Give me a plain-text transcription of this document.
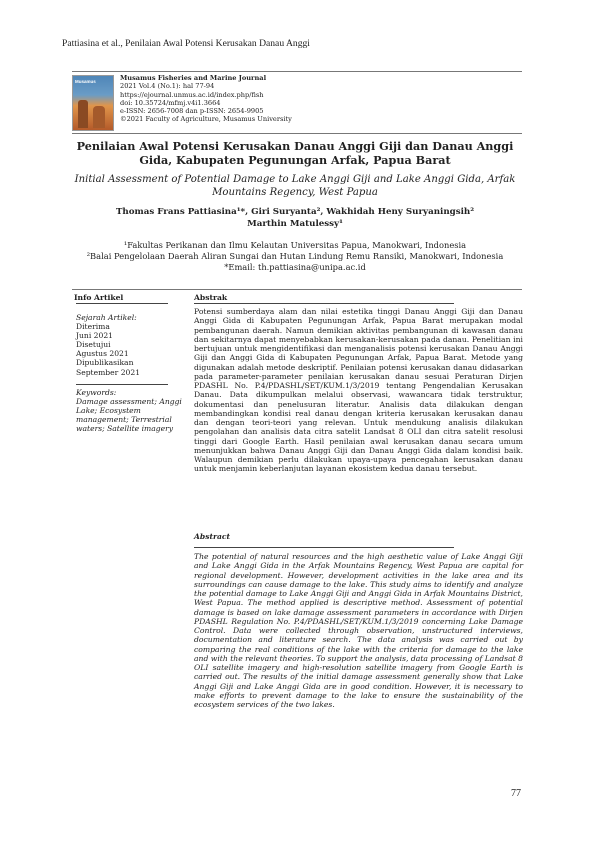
Pattiasina et al., Penilaian Awal Potensi Kerusakan Danau Anggi
Musamus	Musamus Fisheries and Marine Journal
2021 Vol.4 (No.1): hal 77-94
https://ejournal.unmus.ac.id/index.php/fish
doi: 10.35724/mfmj.v4i1.3664
e-ISSN: 2656-7008 dan p-ISSN: 2654-9905
©2021 Faculty of Agriculture, Musamus University
Penilaian Awal Potensi Kerusakan Danau Anggi Giji dan Danau Anggi Gida, Kabupaten Pegunungan Arfak, Papua Barat
Initial Assessment of Potential Damage to Lake Anggi Giji and Lake Anggi Gida, Arfak Mountains Regency, West Papua
Thomas Frans Pattiasina¹*, Giri Suryanta², Wakhidah Heny Suryaningsih²
Marthin Matulessy¹
¹Fakultas Perikanan dan Ilmu Kelautan Universitas Papua, Manokwari, Indonesia
²Balai Pengelolaan Daerah Aliran Sungai dan Hutan Lindung Remu Ransiki, Manokwari, Indonesia
*Email: th.pattiasina@unipa.ac.id
Info Artikel
Sejarah Artikel:
Diterima
Juni 2021
Disetujui
Agustus 2021
Dipublikasikan
September 2021
Keywords:
Damage assessment; Anggi Lake; Ecosystem management; Terrestrial waters; Satellite imagery
Abstrak
Potensi sumberdaya alam dan nilai estetika tinggi Danau Anggi Giji dan Danau Anggi Gida di Kabupaten Pegunungan Arfak, Papua Barat merupakan modal pembangunan daerah. Namun demikian aktivitas pembangunan di kawasan danau dan sekitarnya dapat menyebabkan kerusakan-kerusakan pada danau. Penelitian ini bertujuan untuk mengidentifikasi dan menganalisis potensi kerusakan Danau Anggi Giji dan Anggi Gida di Kabupaten Pegunungan Arfak, Papua Barat. Metode yang digunakan adalah metode deskriptif. Penilaian potensi kerusakan danau didasarkan pada parameter-parameter penilaian kerusakan danau sesuai Peraturan Dirjen PDASHL No. P.4/PDASHL/SET/KUM.1/3/2019 tentang Pengendalian Kerusakan Danau. Data dikumpulkan melalui observasi, wawancara tidak terstruktur, dokumentasi dan penelusuran literatur. Analisis data dilakukan dengan membandingkan kondisi real danau dengan kriteria kerusakan kerusakan danau dan dengan teori-teori yang relevan. Untuk mendukung analisis dilakukan pengolahan dan analisis data citra satelit Landsat 8 OLI dan citra satelit resolusi tinggi dari Google Earth. Hasil penilaian awal kerusakan danau secara umum menunjukkan bahwa Danau Anggi Giji dan Danau Anggi Gida dalam kondisi baik. Walaupun demikian perlu dilakukan upaya-upaya pencegahan kerusakan danau untuk menjamin keberlanjutan layanan ekosistem kedua danau tersebut.
Abstract
The potential of natural resources and the high aesthetic value of Lake Anggi Giji and Lake Anggi Gida in the Arfak Mountains Regency, West Papua are capital for regional development. However, development activities in the lake area and its surroundings can cause damage to the lake. This study aims to identify and analyze the potential damage to Lake Anggi Giji and Anggi Gida in Arfak Mountains District, West Papua. The method applied is descriptive method. Assessment of potential damage is based on lake damage assessment parameters in accordance with Dirjen PDASHL Regulation No. P.4/PDASHL/SET/KUM.1/3/2019 concerning Lake Damage Control. Data were collected through observation, unstructured interviews, documentation and literature search. The data analysis was carried out by comparing the real conditions of the lake with the criteria for damage to the lake and with the relevant theories. To support the analysis, data processing of Landsat 8 OLI satellite imagery and high-resolution satellite imagery from Google Earth is carried out. The results of the initial damage assessment generally show that Lake Anggi Giji and Lake Anggi Gida are in good condition. However, it is necessary to make efforts to prevent damage to the lake to ensure the sustainability of the ecosystem services of the two lakes.
77
